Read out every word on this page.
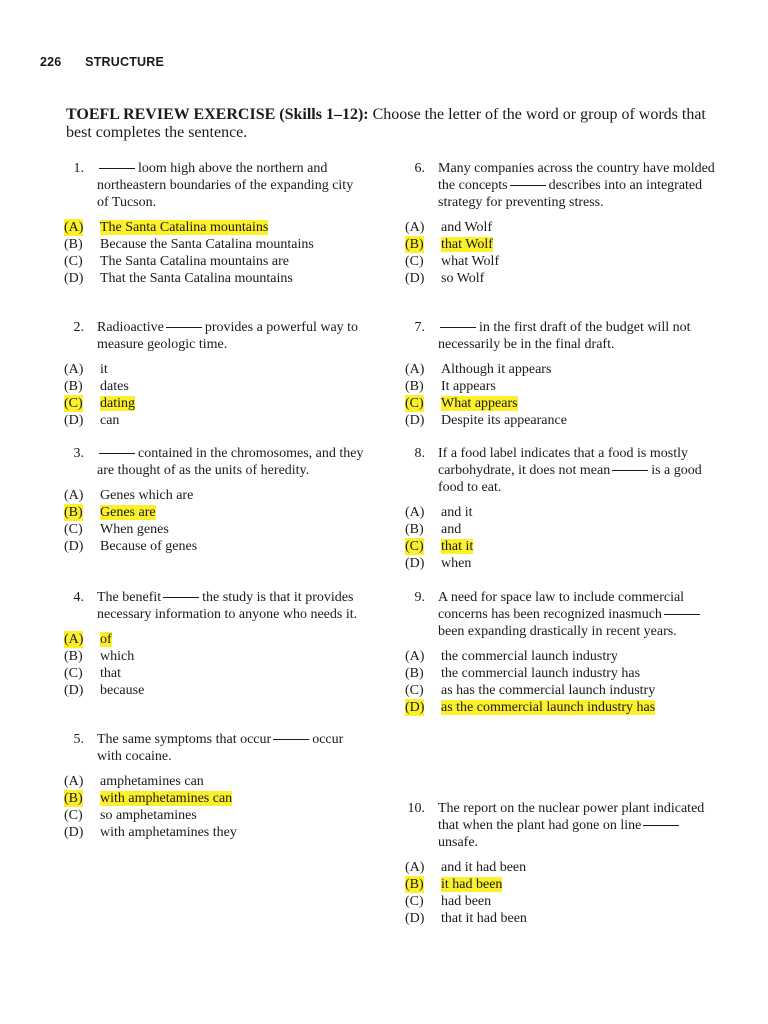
226 STRUCTURE
TOEFL REVIEW EXERCISE (Skills 1–12): Choose the letter of the word or group of words that best completes the sentence.
1.	loom high above the northern and northeastern boundaries of the expanding city of Tucson.
(A) The Santa Catalina mountains
(B) Because the Santa Catalina mountains
(C) The Santa Catalina mountains are
(D) That the Santa Catalina mountains
2. Radioactive	provides a powerful way to measure geologic time.
(A) it
(B) dates
(C) dating
(D) can
3.	contained in the chromosomes, and they are thought of as the units of heredity.
(A) Genes which are
(B) Genes are
(C) When genes
(D) Because of genes
4. The benefit	the study is that it provides necessary information to anyone who needs it.
(A) of
(B) which
(C) that
(D) because
5. The same symptoms that occur	occur with cocaine.
(A) amphetamines can
(B) with amphetamines can
(C) so amphetamines
(D) with amphetamines they
6. Many companies across the country have molded the concepts	describes into an integrated strategy for preventing stress.
(A) and Wolf
(B) that Wolf
(C) what Wolf
(D) so Wolf
7.	in the first draft of the budget will not necessarily be in the final draft.
(A) Although it appears
(B) It appears
(C) What appears
(D) Despite its appearance
8. If a food label indicates that a food is mostly carbohydrate, it does not mean	is a good food to eat.
(A) and it
(B) and
(C) that it
(D) when
9. A need for space law to include commercial concerns has been recognized inasmuchbeen expanding drastically in recent years.
(A) the commercial launch industry
(B) the commercial launch industry has
(C) as has the commercial launch industry
(D) as the commercial launch industry has
10. The report on the nuclear power plant indicated that when the plant had gone on lineunsafe.
(A) and it had been
(B) it had been
(C) had been
(D) that it had been
